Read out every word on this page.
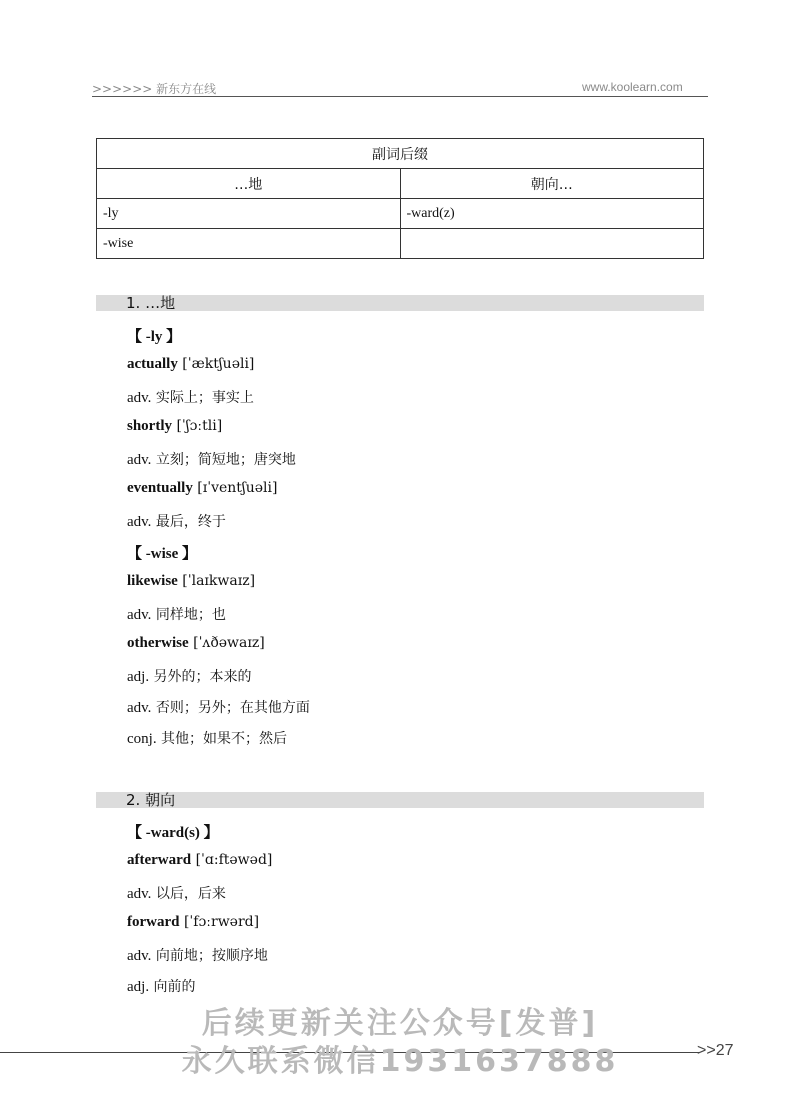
>>>>>> 新东方在线	www.koolearn.com
副词后缀	
…地	朝向…
-ly	-ward(z)
-wise	
1. …地
【 -ly 】
actually [ˈæktʃuəli]
adv. 实际上；事实上
shortly [ˈʃɔːtli]
adv. 立刻；简短地；唐突地
eventually [ɪˈventʃuəli]
adv. 最后，终于
【 -wise 】
likewise [ˈlaɪkwaɪz]
adv. 同样地；也
otherwise [ˈʌðəwaɪz]
adj. 另外的；本来的
adv. 否则；另外；在其他方面
conj. 其他；如果不；然后
2. 朝向
【 -ward(s) 】
afterward [ˈɑ:ftəwəd]
adv. 以后，后来
forward [ˈfɔːrwərd]
adv. 向前地；按顺序地
adj. 向前的
后续更新关注公众号[发普]
永久联系微信1931637888	>>27
